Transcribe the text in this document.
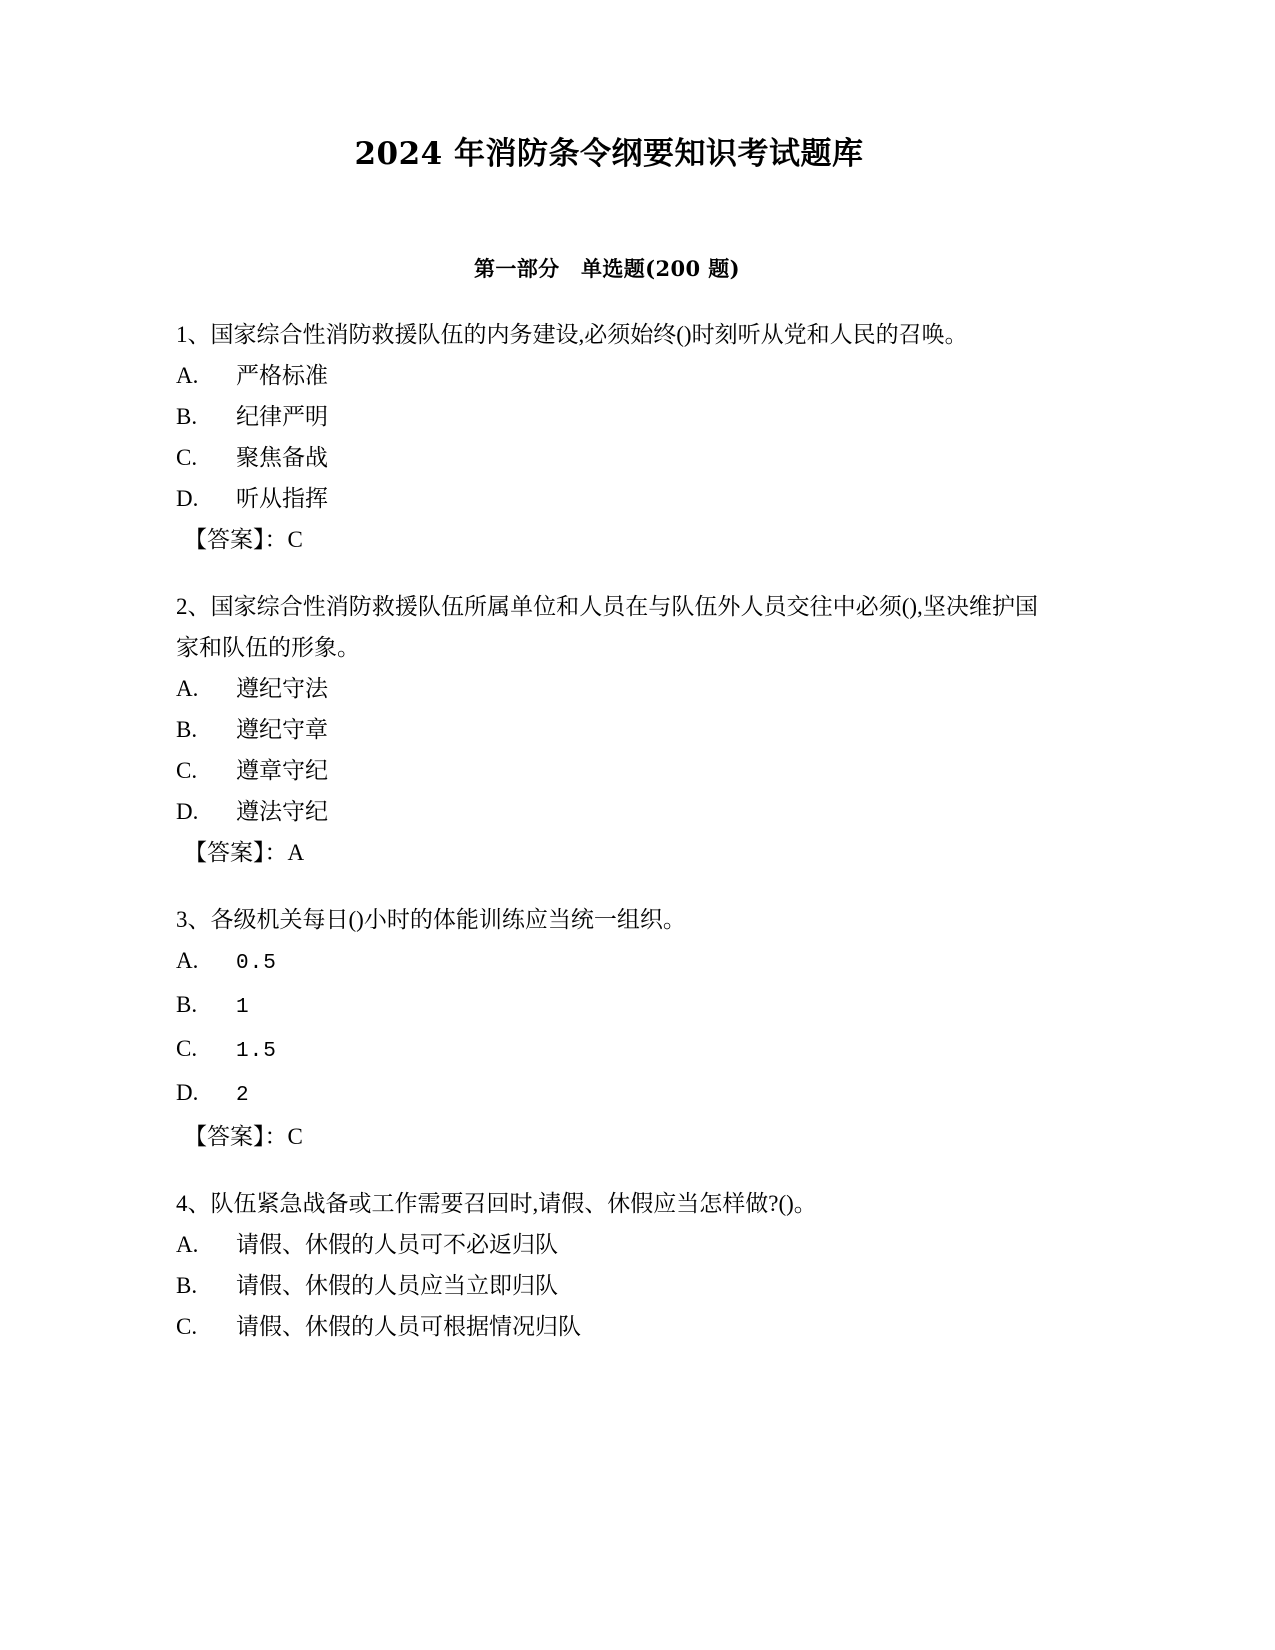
2024 年消防条令纲要知识考试题库
第一部分　单选题(200 题)

1、国家综合性消防救援队伍的内务建设,必须始终()时刻听从党和人民的召唤。

A. 严格标准

B. 纪律严明

C. 聚焦备战

D. 听从指挥

【答案】：C

2、国家综合性消防救援队伍所属单位和人员在与队伍外人员交往中必须(),坚决维护国家和队伍的形象。

A. 遵纪守法

B. 遵纪守章

C. 遵章守纪

D. 遵法守纪

【答案】：A

3、各级机关每日()小时的体能训练应当统一组织。

A. 0.5

B. 1

C. 1.5

D. 2

【答案】：C

4、队伍紧急战备或工作需要召回时,请假、休假应当怎样做?()。

A. 请假、休假的人员可不必返归队

B. 请假、休假的人员应当立即归队

C. 请假、休假的人员可根据情况归队
